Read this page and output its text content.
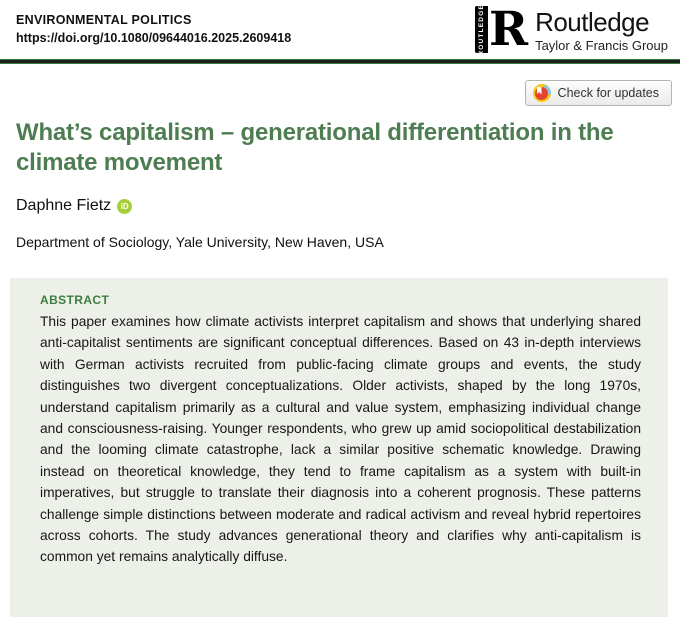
ENVIRONMENTAL POLITICS
https://doi.org/10.1080/09644016.2025.2609418	ROUTLEDGE R Routledge
Taylor & Francis Group
Check for updates
What’s capitalism – generational differentiation in the climate movement
Daphne Fietz	iD
Department of Sociology, Yale University, New Haven, USA
ABSTRACT
This paper examines how climate activists interpret capitalism and shows that underlying shared anti-capitalist sentiments are significant conceptual differences. Based on 43 in-depth interviews with German activists recruited from public-facing climate groups and events, the study distinguishes two divergent conceptualizations. Older activists, shaped by the long 1970s, understand capitalism primarily as a cultural and value system, emphasizing individual change and consciousness-raising. Younger respondents, who grew up amid sociopolitical destabilization and the looming climate catastrophe, lack a similar positive schematic knowledge. Drawing instead on theoretical knowledge, they tend to frame capitalism as a system with built-in imperatives, but struggle to translate their diagnosis into a coherent prognosis. These patterns challenge simple distinctions between moderate and radical activism and reveal hybrid repertoires across cohorts. The study advances generational theory and clarifies why anti-capitalism is common yet remains analytically diffuse.
